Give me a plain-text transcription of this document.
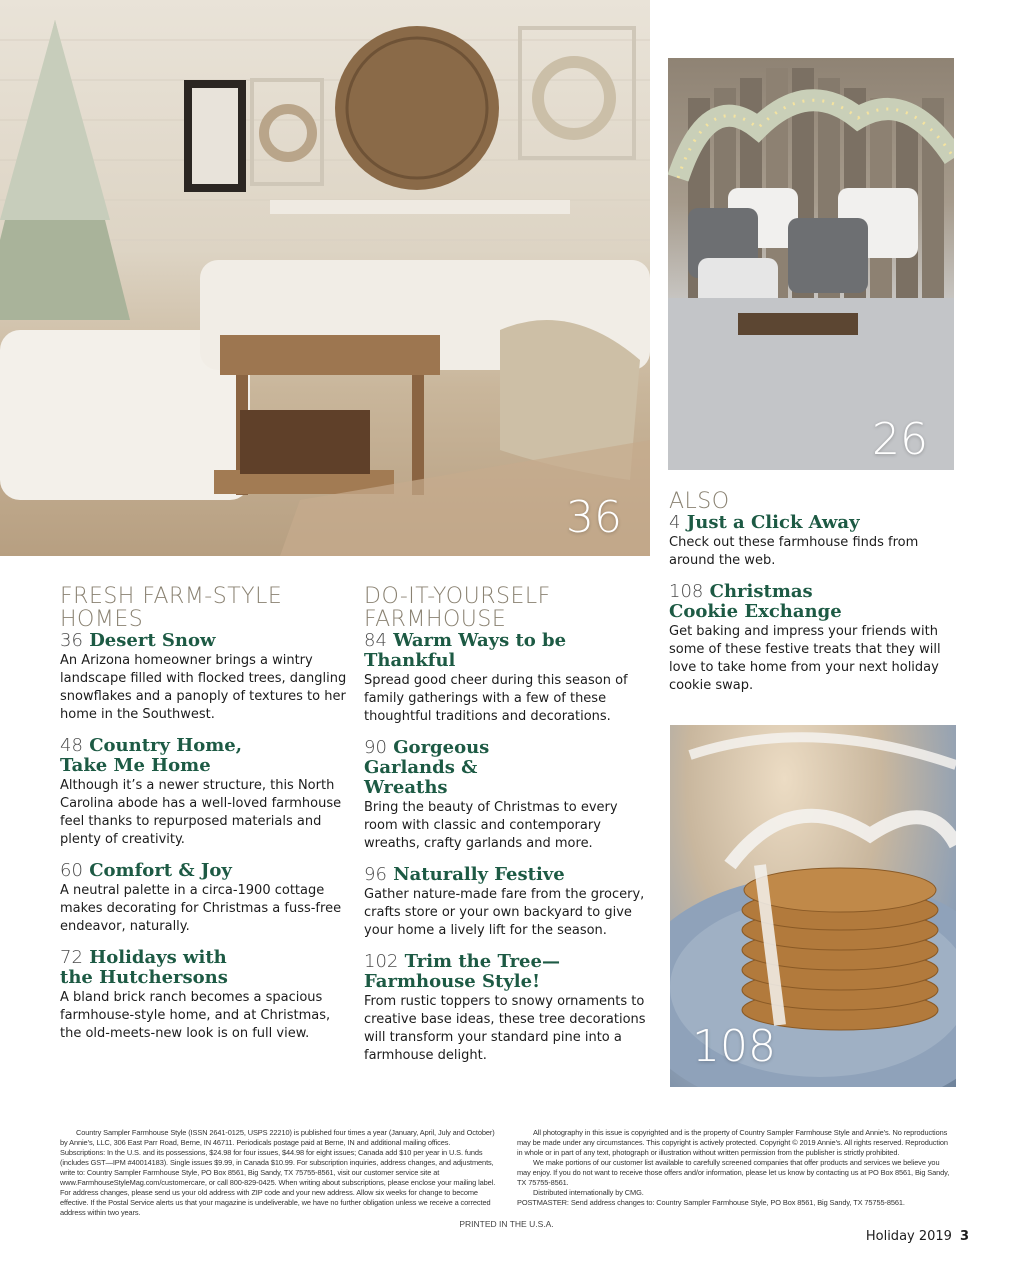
36
26
108
FRESH FARM-STYLE HOMES
36 Desert Snow
An Arizona homeowner brings a wintry landscape filled with flocked trees, dangling snowflakes and a panoply of textures to her home in the Southwest.
48 Country Home, Take Me Home
Although it’s a newer structure, this North Carolina abode has a well-loved farmhouse feel thanks to repurposed materials and plenty of creativity.
60 Comfort & Joy
A neutral palette in a circa-1900 cottage makes decorating for Christmas a fuss-free endeavor, naturally.
72 Holidays with the Hutchersons
A bland brick ranch becomes a spacious farmhouse-style home, and at Christmas, the old-meets-new look is on full view.
DO-IT-YOURSELF FARMHOUSE
84 Warm Ways to be Thankful
Spread good cheer during this season of family gatherings with a few of these thoughtful traditions and decorations.
90 Gorgeous Garlands & Wreaths
Bring the beauty of Christmas to every room with classic and contemporary wreaths, crafty garlands and more.
96 Naturally Festive
Gather nature-made fare from the grocery, crafts store or your own backyard to give your home a lively lift for the season.
102 Trim the Tree—Farmhouse Style!
From rustic toppers to snowy ornaments to creative base ideas, these tree decorations will transform your standard pine into a farmhouse delight.
ALSO
4 Just a Click Away
Check out these farmhouse finds from around the web.
108 Christmas Cookie Exchange
Get baking and impress your friends with some of these festive treats that they will love to take home from your next holiday cookie swap.

Country Sampler Farmhouse Style (ISSN 2641-0125, USPS 22210) is published four times a year (January, April, July and October) by Annie’s, LLC, 306 East Parr Road, Berne, IN 46711. Periodicals postage paid at Berne, IN and additional mailing offices. Subscriptions: In the U.S. and its possessions, $24.98 for four issues, $44.98 for eight issues; Canada add $10 per year in U.S. funds (includes GST—IPM #40014183). Single issues $9.99, in Canada $10.99. For subscription inquiries, address changes, and adjustments, write to: Country Sampler Farmhouse Style, PO Box 8561, Big Sandy, TX 75755-8561, visit our customer service site at www.FarmhouseStyleMag.com/customercare, or call 800-829-0425. When writing about subscriptions, please enclose your mailing label. For address changes, please send us your old address with ZIP code and your new address. Allow six weeks for change to become effective. If the Postal Service alerts us that your magazine is undeliverable, we have no further obligation unless we receive a corrected address within two years.

All photography in this issue is copyrighted and is the property of Country Sampler Farmhouse Style and Annie’s. No reproductions may be made under any circumstances. This copyright is actively protected. Copyright © 2019 Annie’s. All rights reserved. Reproduction in whole or in part of any text, photograph or illustration without written permission from the publisher is strictly prohibited.

We make portions of our customer list available to carefully screened companies that offer products and services we believe you may enjoy. If you do not want to receive those offers and/or information, please let us know by contacting us at PO Box 8561, Big Sandy, TX 75755-8561.

Distributed internationally by CMG.

POSTMASTER: Send address changes to: Country Sampler Farmhouse Style, PO Box 8561, Big Sandy, TX 75755-8561.

PRINTED IN THE U.S.A.
Holiday 2019 3
